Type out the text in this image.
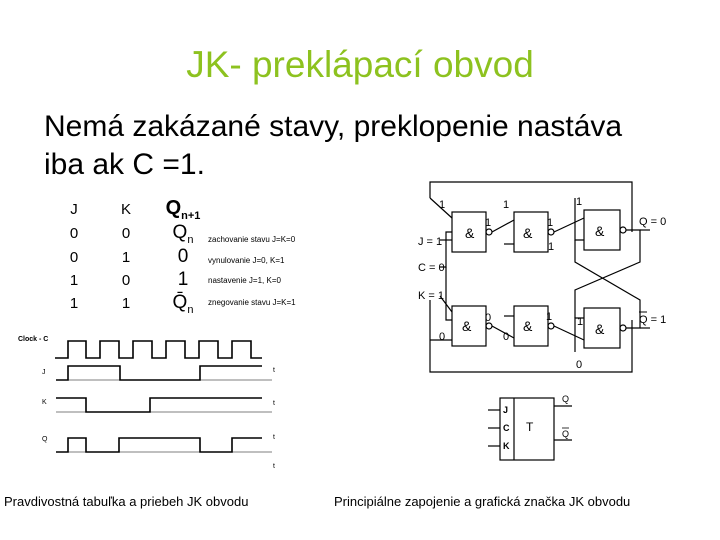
JK- preklápací obvod
Nemá zakázané stavy, preklopenie nastáva
iba ak C =1.
J	K	$Q_{n+1}$
0	0	$Q_n$
0	1	0
1	0	1
1	1	$Q̄_n$
zachovanie stavu J=K=0
vynulovanie J=0, K=1
nastavenie J=1, K=0
znegovanie stavu J=K=1
Clock - C
J
K
Q
t
t
t
t
&	&	&
&	&	&
J = 1
C = 0
K = 1
Q = 0
Q = 1
1
1
1
1
1
1
0
0
1 1
0
0
J
C
K
T
Q
Q
Pravdivostná tabuľka a priebeh JK obvodu	Principiálne zapojenie a grafická značka JK obvodu
